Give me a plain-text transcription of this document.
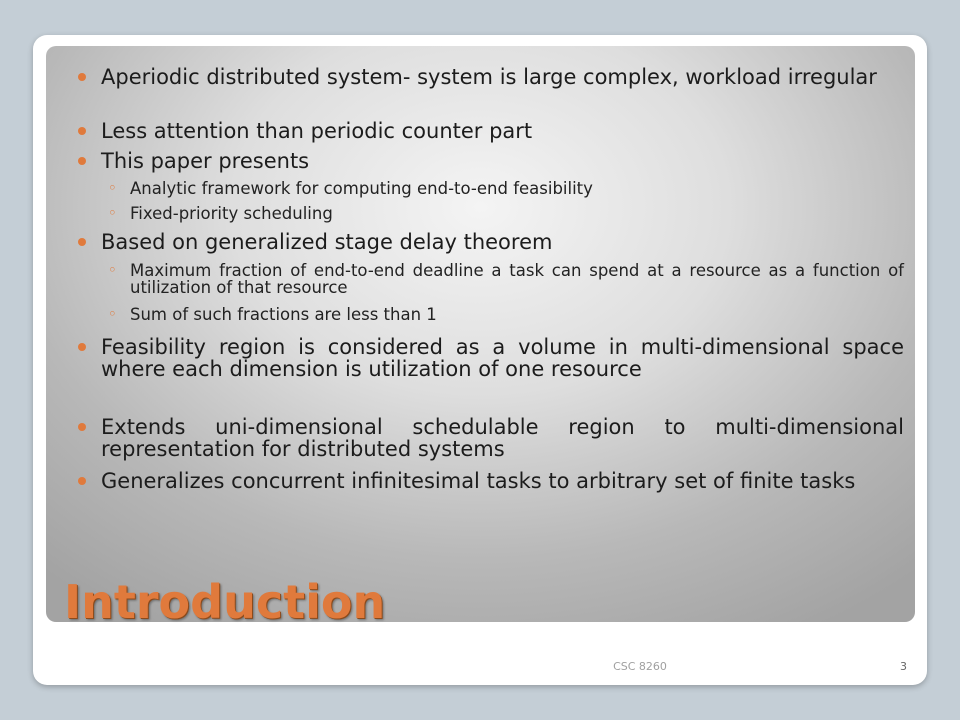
Aperiodic distributed system- system is large complex, workload irregular
Less attention than periodic counter part
This paper presents
◦ Analytic framework for computing end-to-end feasibility
◦ Fixed-priority scheduling
Based on generalized stage delay theorem
◦ Maximum fraction of end-to-end deadline a task can spend at a resource as a function of utilization of that resource
◦ Sum of such fractions are less than 1
Feasibility region is considered as a volume in multi-dimensional space where each dimension is utilization of one resource
Extends uni-dimensional schedulable region to multi-dimensional representation for distributed systems
Generalizes concurrent infinitesimal tasks to arbitrary set of finite tasks
Introduction
CSC 8260	3
